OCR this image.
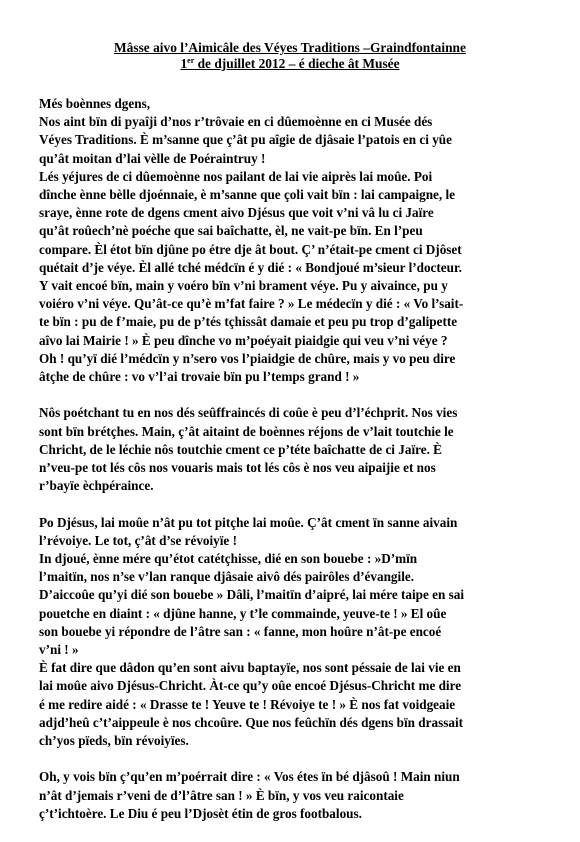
Mâsse aivo l’Aimicâle des Véyes Traditions –Graindfontainne
1er de djuillet 2012 – é dieche ât Musée

Més boènnes dgens,

Nos aint bïn di pyaîji d’nos r’trôvaie en ci dûemoènne en ci Musée dés

Véyes Traditions. È m’sanne que ç’ât pu aîgie de djâsaie l’patois en ci yûe

qu’ât moitan d’lai vèlle de Poéraintruy !

Lés yéjures de ci dûemoènne nos pailant de lai vie aiprès lai moûe. Poi

dînche ènne bèlle djoénnaie, è m’sanne que çoli vait bïn : lai campaigne, le

sraye, ènne rote de dgens cment aivo Djésus que voit v’ni vâ lu ci Jaïre

qu’ât roûech’nè poéche que sai baîchatte, èl, ne vait-pe bïn. En l’peu

compare. Èl étot bïn djûne po étre dje ât bout. Ç’ n’était-pe cment ci Djôset

quétait d’je véye. Èl allé tché médcïn é y dié : « Bondjoué m’sieur l’docteur.

Y vait encoé bïn, main y voéro bïn v’ni brament véye. Pu y aivaince, pu y

voiéro v’ni véye. Qu’ât-ce qu’è m’fat faire ? » Le médecïn y dié : « Vo l’sait-

te bïn : pu de f’maie, pu de p’tés tçhissât damaie et peu pu trop d’galipette

aîvo lai Mairie ! » È peu dînche vo m’poéyait piaidgie qui veu v’ni véye ?

Oh ! qu’yï dié l’médcïn y n’sero vos l’piaidgie de chûre, mais y vo peu dire

âtçhe de chûre : vo v’l’ai trovaie bïn pu l’temps grand ! »

Nôs poétchant tu en nos dés seûffraincés di coûe è peu d’l’échprit. Nos vies

sont bïn brétçhes. Main, ç’ât aitaint de boènnes réjons de v’lait toutchie le

Chricht, de le léchie nôs toutchie cment ce p’téte baîchatte de ci Jaïre. È

n’veu-pe tot lés côs nos vouaris mais tot lés côs è nos veu aipaijie et nos

r’bayïe èchpéraince.

Po Djésus, lai moûe n’ât pu tot pitçhe lai moûe. Ç’ât cment ïn sanne aivain

l’révoiye. Le tot, ç’ât d’se révoiyïe !

In djoué, ènne mére qu’étot catétçhisse, dié en son bouebe : »D’mïn

l’maitïn, nos n’se v’lan ranque djâsaie aivô dés pairôles d’évangile.

D’aiccoûe qu’yi dié son bouebe » Dâli, l’maitïn d’aipré, lai mére taipe en sai

pouetche en diaint : « djûne hanne, y t’le commainde, yeuve-te ! » El oûe

son bouebe yi répondre de l’âtre san : « fanne, mon hoûre n’ât-pe encoé

v’ni ! »

È fat dire que dâdon qu’en sont aivu baptayïe, nos sont péssaie de lai vie en

lai moûe aivo Djésus-Chricht. Àt-ce qu’y oûe encoé Djésus-Chricht me dire

é me redire aidé : « Drasse te ! Yeuve te ! Révoiye te ! » È nos fat voidgeaie

adjd’heû c’t’aippeule è nos chcoûre. Que nos feûchïn dés dgens bïn drassait

ch’yos pïeds, bïn révoiyïes.

Oh, y vois bïn ç’qu’en m’poérrait dire : « Vos étes ïn bé djâsoû ! Main niun

n’ât d’jemais r’veni de d’l’âtre san ! » È bïn, y vos veu raicontaie

ç’t’ichtoère. Le Diu é peu l’Djosèt étin de gros footbalous.
